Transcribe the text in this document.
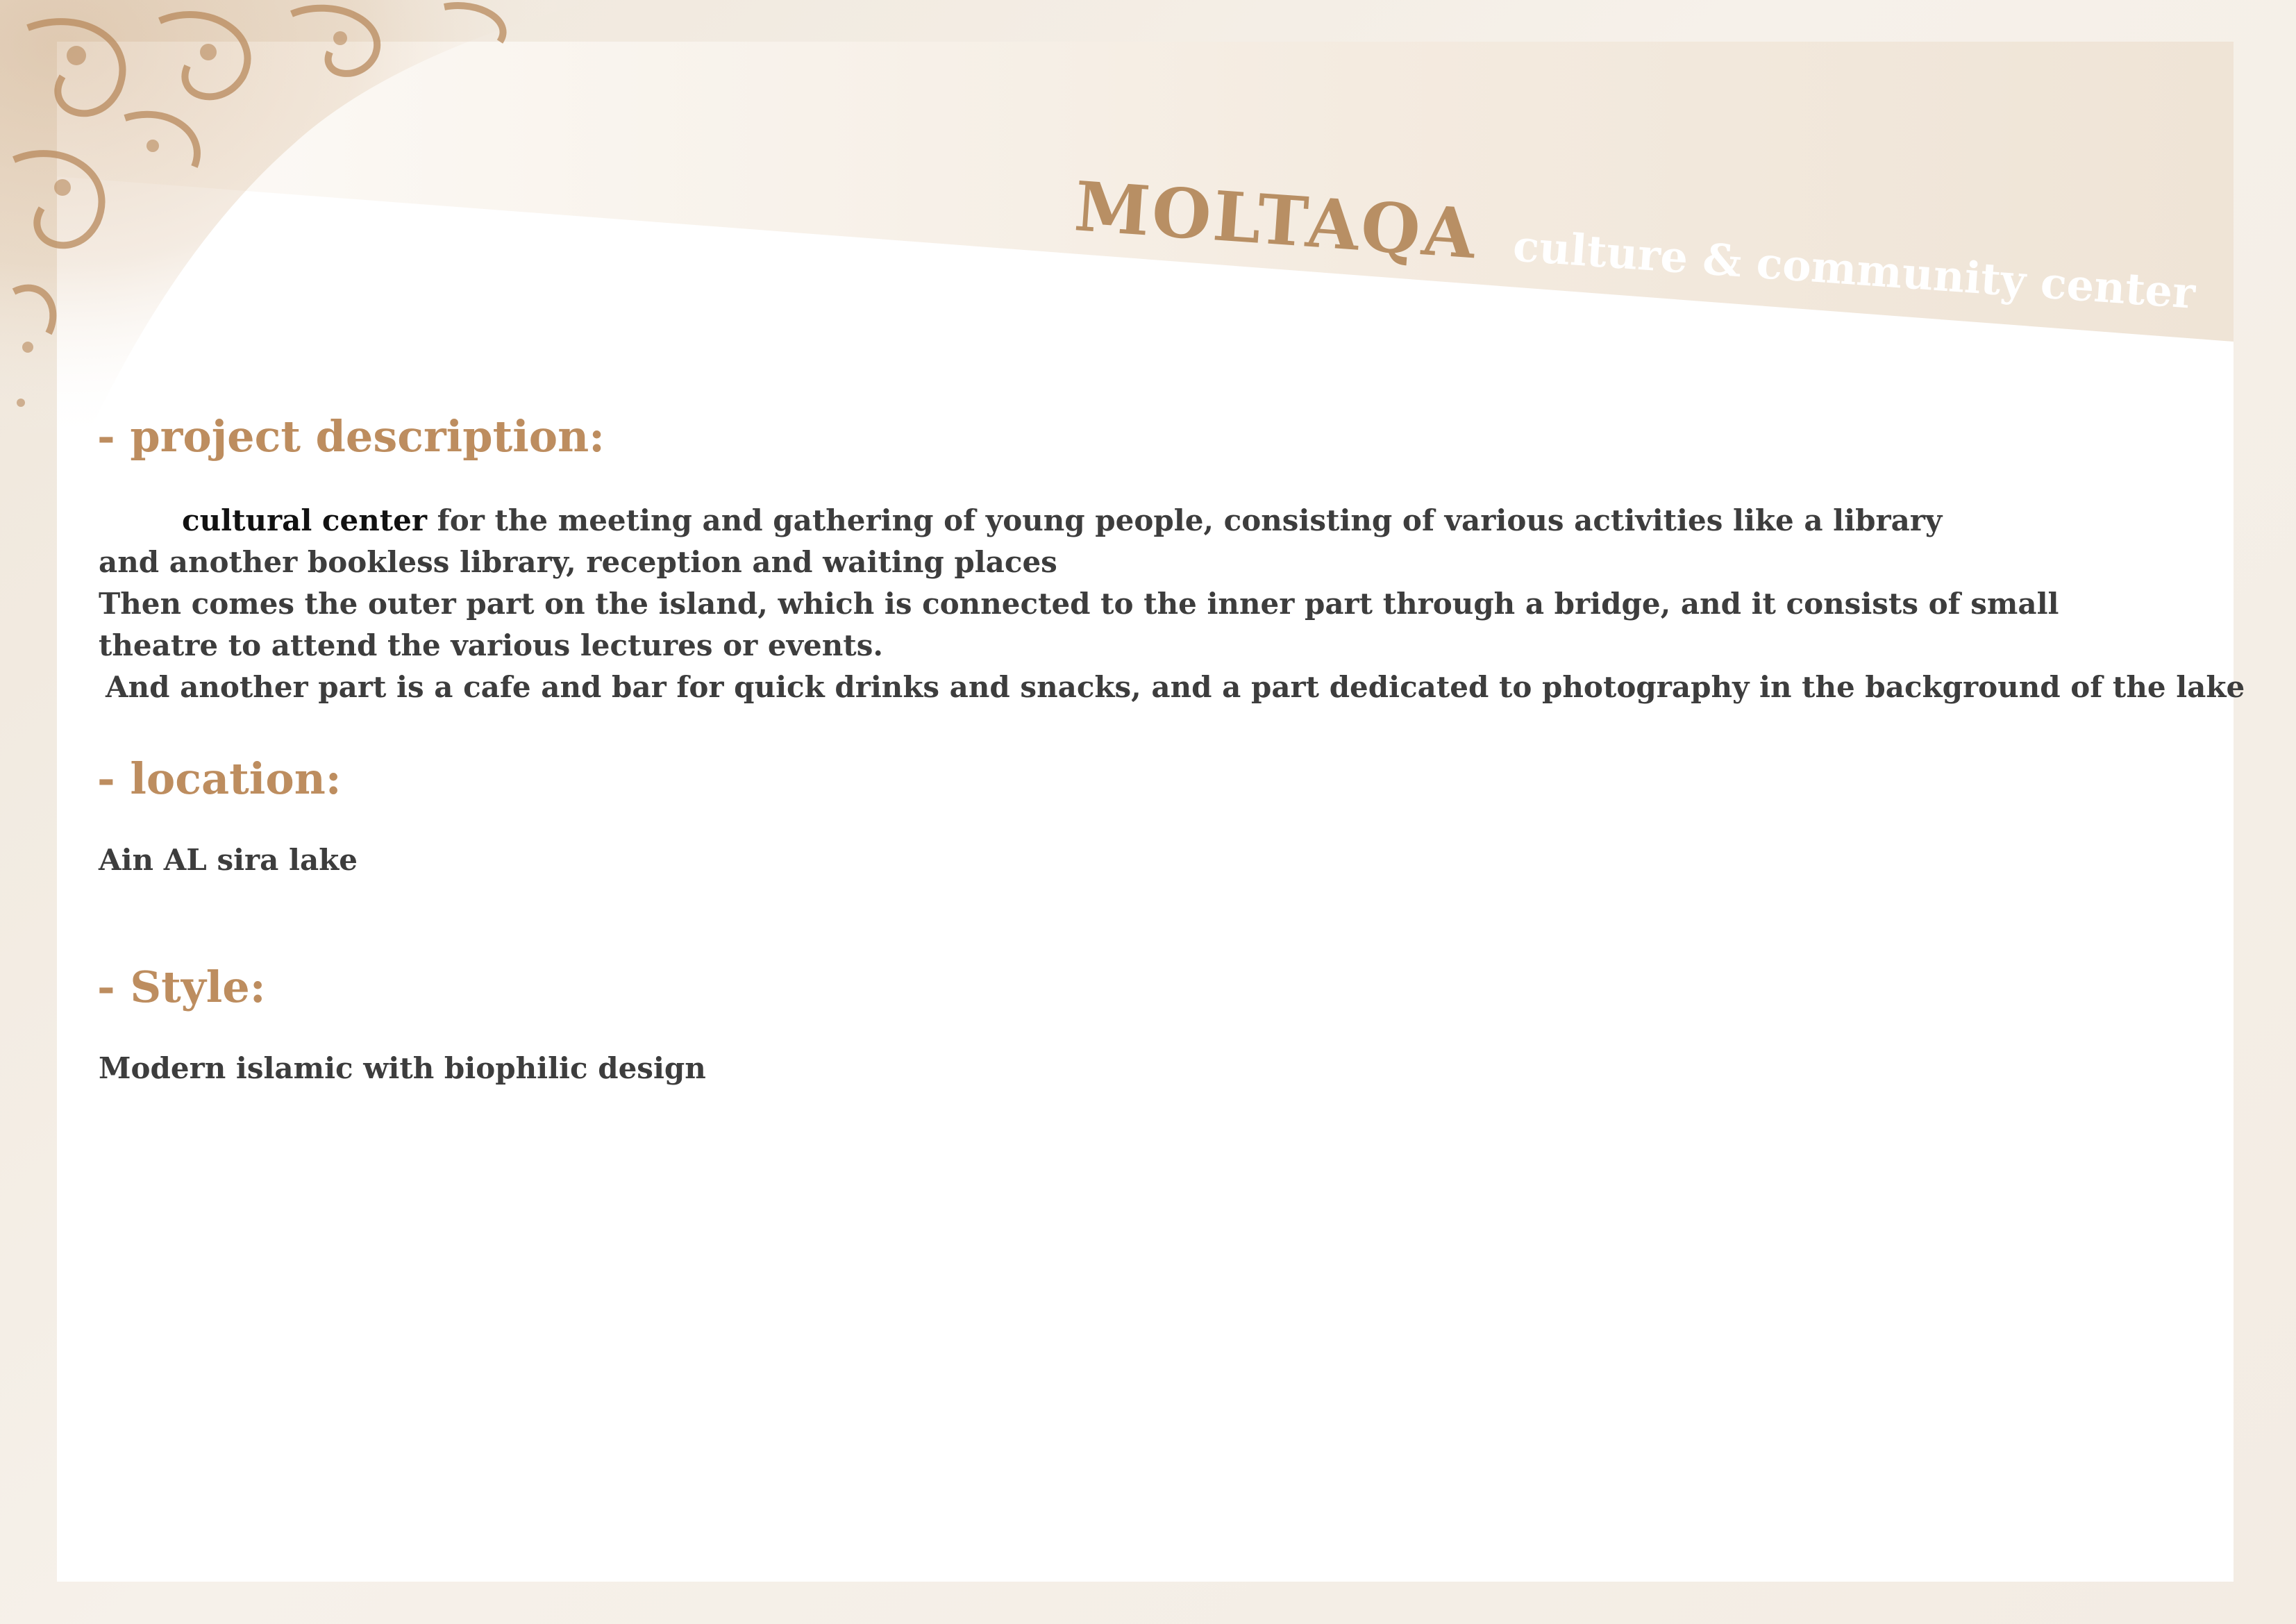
MOLTAQA culture & community center
- project description:
cultural center for the meeting and gathering of young people, consisting of various activities like a library
and another bookless library, reception and waiting places
Then comes the outer part on the island, which is connected to the inner part through a bridge, and it consists of small
theatre to attend the various lectures or events.
And another part is a cafe and bar for quick drinks and snacks, and a part dedicated to photography in the background of the lake
- location:

Ain AL sira lake

- Style:

Modern islamic with biophilic design
